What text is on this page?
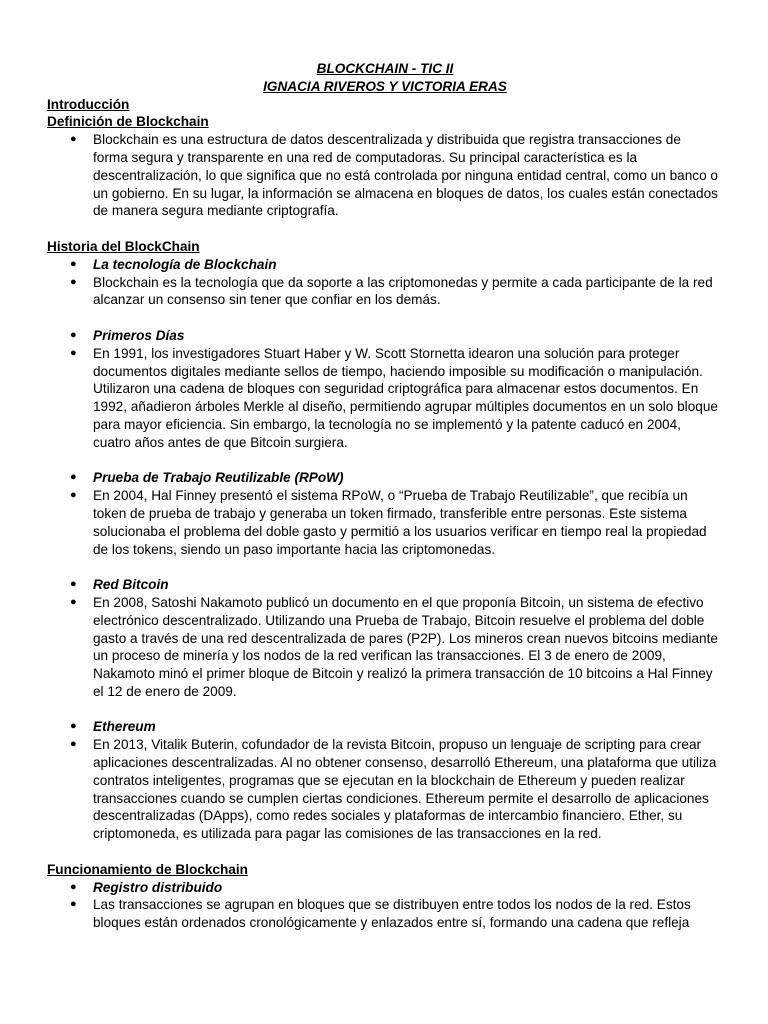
BLOCKCHAIN - TIC II

IGNACIA RIVEROS Y VICTORIA ERAS

Introducción

Definición de Blockchain

● Blockchain es una estructura de datos descentralizada y distribuida que registra transacciones de forma segura y transparente en una red de computadoras. Su principal característica es la descentralización, lo que significa que no está controlada por ninguna entidad central, como un banco o un gobierno. En su lugar, la información se almacena en bloques de datos, los cuales están conectados de manera segura mediante criptografía.

Historia del BlockChain

● La tecnología de Blockchain
● Blockchain es la tecnología que da soporte a las criptomonedas y permite a cada participante de la red alcanzar un consenso sin tener que confiar en los demás.
● Primeros Días
● En 1991, los investigadores Stuart Haber y W. Scott Stornetta idearon una solución para proteger documentos digitales mediante sellos de tiempo, haciendo imposible su modificación o manipulación. Utilizaron una cadena de bloques con seguridad criptográfica para almacenar estos documentos. En 1992, añadieron árboles Merkle al diseño, permitiendo agrupar múltiples documentos en un solo bloque para mayor eficiencia. Sin embargo, la tecnología no se implementó y la patente caducó en 2004, cuatro años antes de que Bitcoin surgiera.
● Prueba de Trabajo Reutilizable (RPoW)
● En 2004, Hal Finney presentó el sistema RPoW, o “Prueba de Trabajo Reutilizable”, que recibía un token de prueba de trabajo y generaba un token firmado, transferible entre personas. Este sistema solucionaba el problema del doble gasto y permitió a los usuarios verificar en tiempo real la propiedad de los tokens, siendo un paso importante hacia las criptomonedas.
● Red Bitcoin
● En 2008, Satoshi Nakamoto publicó un documento en el que proponía Bitcoin, un sistema de efectivo electrónico descentralizado. Utilizando una Prueba de Trabajo, Bitcoin resuelve el problema del doble gasto a través de una red descentralizada de pares (P2P). Los mineros crean nuevos bitcoins mediante un proceso de minería y los nodos de la red verifican las transacciones. El 3 de enero de 2009, Nakamoto minó el primer bloque de Bitcoin y realizó la primera transacción de 10 bitcoins a Hal Finney el 12 de enero de 2009.
● Ethereum
● En 2013, Vitalik Buterin, cofundador de la revista Bitcoin, propuso un lenguaje de scripting para crear aplicaciones descentralizadas. Al no obtener consenso, desarrolló Ethereum, una plataforma que utiliza contratos inteligentes, programas que se ejecutan en la blockchain de Ethereum y pueden realizar transacciones cuando se cumplen ciertas condiciones. Ethereum permite el desarrollo de aplicaciones descentralizadas (DApps), como redes sociales y plataformas de intercambio financiero. Ether, su criptomoneda, es utilizada para pagar las comisiones de las transacciones en la red.

Funcionamiento de Blockchain

● Registro distribuido
● Las transacciones se agrupan en bloques que se distribuyen entre todos los nodos de la red. Estos bloques están ordenados cronológicamente y enlazados entre sí, formando una cadena que refleja
